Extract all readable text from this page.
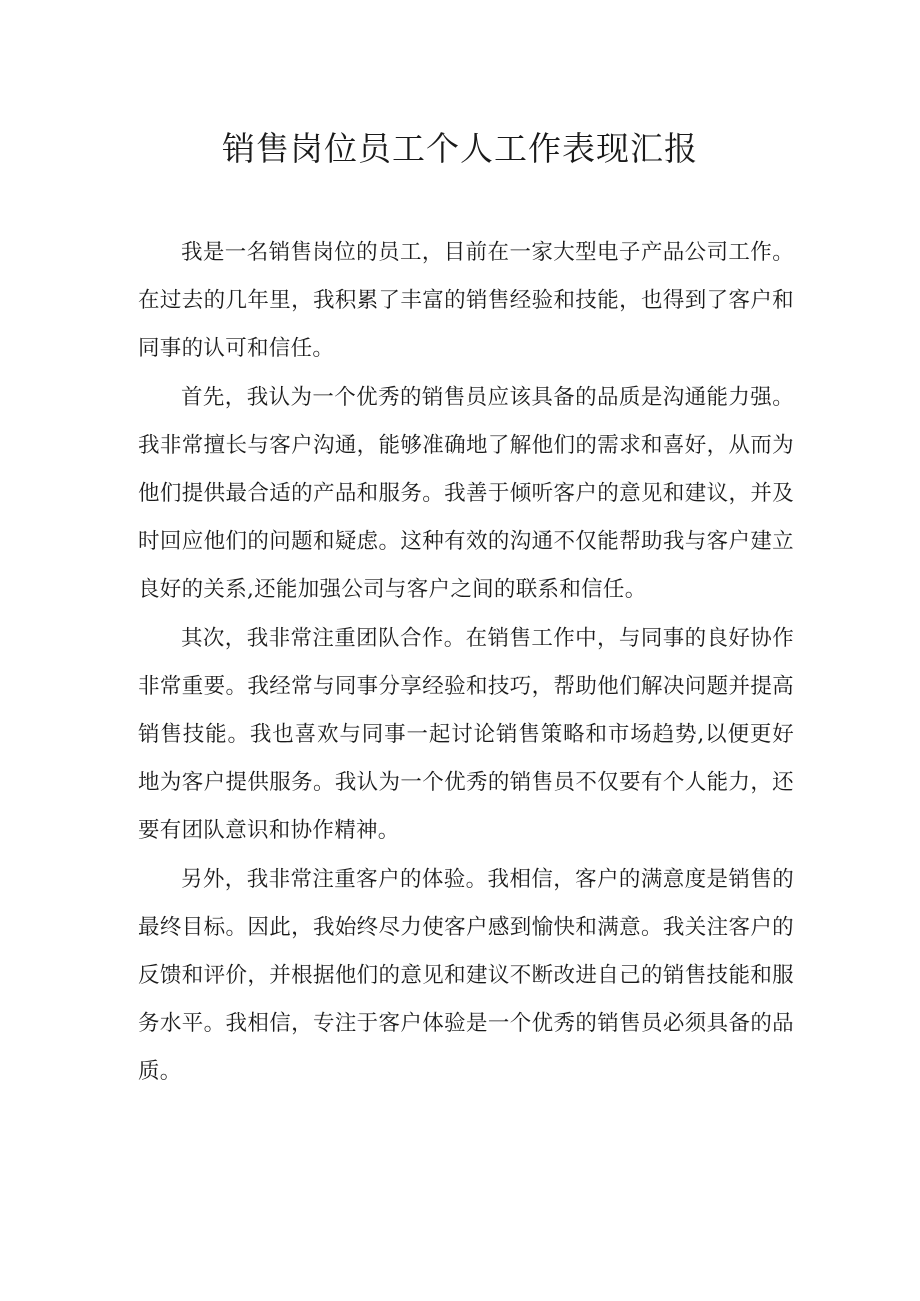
销售岗位员工个人工作表现汇报

我是一名销售岗位的员工，目前在一家大型电子产品公司工作。在过去的几年里，我积累了丰富的销售经验和技能，也得到了客户和同事的认可和信任。

首先，我认为一个优秀的销售员应该具备的品质是沟通能力强。我非常擅长与客户沟通，能够准确地了解他们的需求和喜好，从而为他们提供最合适的产品和服务。我善于倾听客户的意见和建议，并及时回应他们的问题和疑虑。这种有效的沟通不仅能帮助我与客户建立良好的关系,还能加强公司与客户之间的联系和信任。

其次，我非常注重团队合作。在销售工作中，与同事的良好协作非常重要。我经常与同事分享经验和技巧，帮助他们解决问题并提高销售技能。我也喜欢与同事一起讨论销售策略和市场趋势,以便更好地为客户提供服务。我认为一个优秀的销售员不仅要有个人能力，还要有团队意识和协作精神。

另外，我非常注重客户的体验。我相信，客户的满意度是销售的最终目标。因此，我始终尽力使客户感到愉快和满意。我关注客户的反馈和评价，并根据他们的意见和建议不断改进自己的销售技能和服务水平。我相信，专注于客户体验是一个优秀的销售员必须具备的品质。
